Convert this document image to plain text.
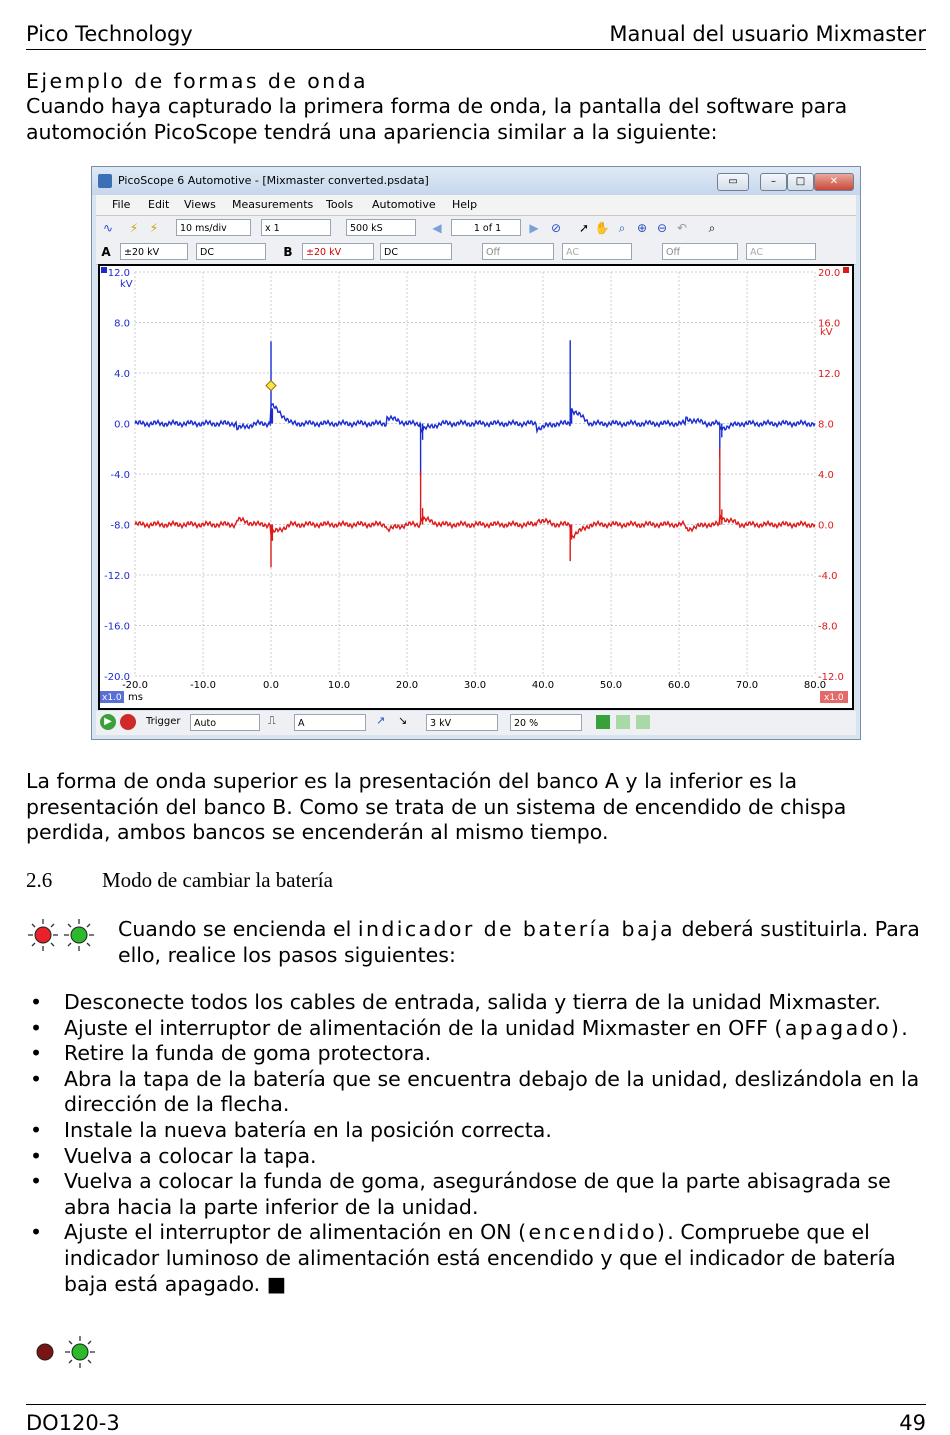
Pico Technology	Manual del usuario Mixmaster
Ejemplo de formas de onda
Cuando haya capturado la primera forma de onda, la pantalla del software para automoción PicoScope tendrá una apariencia similar a la siguiente:
PicoScope 6 Automotive - [Mixmaster converted.psdata]	▭	–	□	✕
File Edit Views Measurements Tools Automotive Help
∿	⚡ ⚡	10 ms/div	x 1	500 kS	◀	1 of 1	▶ ⊘ ➚ ✋ ⌕ ⊕ ⊖ ↶	⌕
A	±20 kV	DC	B	±20 kV	DC	Off	AC	Off	AC
12.0
8.0
4.0
0.0
-4.0
-8.0
-12.0
-16.0
-20.0
20.0
16.0
12.0
8.0
4.0
0.0
-4.0
-8.0
-12.0
-20.0	-10.0	0.0	10.0	20.0	30.0	40.0	50.0	60.0	70.0	80.0
kV
kV
ms
x1.0	x1.0
▶	Trigger	Auto	⎍	A	↗ ↘	3 kV	20 %
La forma de onda superior es la presentación del banco A y la inferior es la presentación del banco B. Como se trata de un sistema de encendido de chispa perdida, ambos bancos se encenderán al mismo tiempo.
2.6	Modo de cambiar la batería
Cuando se encienda el indicador de batería baja deberá sustituirla. Para ello, realice los pasos siguientes:
• Desconecte todos los cables de entrada, salida y tierra de la unidad Mixmaster.
• Ajuste el interruptor de alimentación de la unidad Mixmaster en OFF (apagado).
• Retire la funda de goma protectora.
• Abra la tapa de la batería que se encuentra debajo de la unidad, deslizándola en la dirección de la flecha.
• Instale la nueva batería en la posición correcta.
• Vuelva a colocar la tapa.
• Vuelva a colocar la funda de goma, asegurándose de que la parte abisagrada se abra hacia la parte inferior de la unidad.
• Ajuste el interruptor de alimentación en ON (encendido). Compruebe que el indicador luminoso de alimentación está encendido y que el indicador de batería baja está apagado. ■
DO120-3	49
